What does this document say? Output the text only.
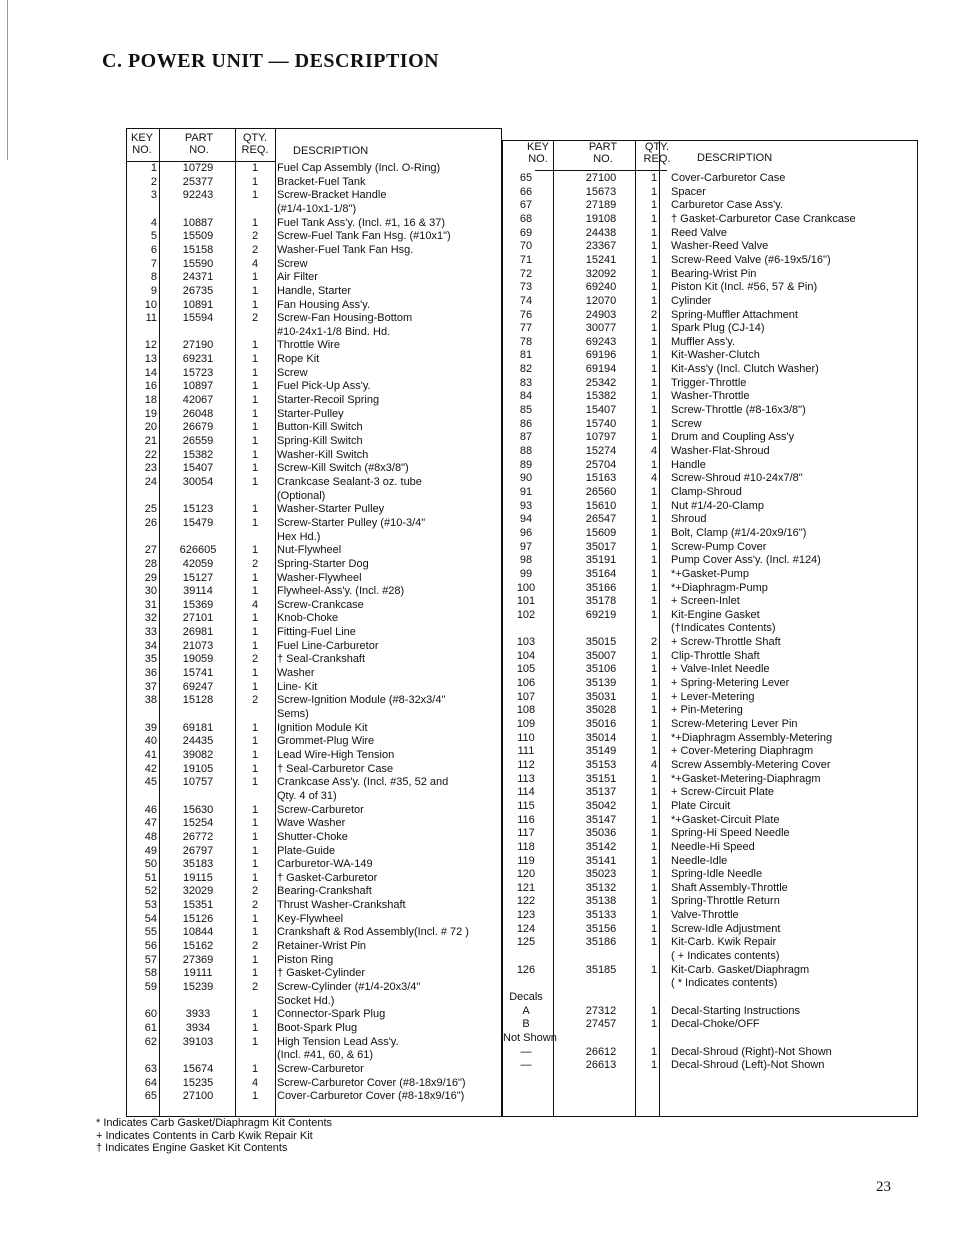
C. POWER UNIT — DESCRIPTION
KEY NO.
PART NO.
QTY. REQ.	DESCRIPTION
1	10729	1	Fuel Cap Assembly (Incl. O-Ring)
2	25377	1	Bracket-Fuel Tank
3	92243	1	Screw-Bracket Handle
(#1/4-10x1-1/8")
4	10887	1	Fuel Tank Ass'y. (Incl. #1, 16 & 37)
5	15509	2	Screw-Fuel Tank Fan Hsg. (#10x1")
6	15158	2	Washer-Fuel Tank Fan Hsg.
7	15590	4	Screw
8	24371	1	Air Filter
9	26735	1	Handle, Starter
10	10891	1	Fan Housing Ass'y.
11	15594	2	Screw-Fan Housing-Bottom
#10-24x1-1/8 Bind. Hd.
12	27190	1	Throttle Wire
13	69231	1	Rope Kit
14	15723	1	Screw
16	10897	1	Fuel Pick-Up Ass'y.
18	42067	1	Starter-Recoil Spring
19	26048	1	Starter-Pulley
20	26679	1	Button-Kill Switch
21	26559	1	Spring-Kill Switch
22	15382	1	Washer-Kill Switch
23	15407	1	Screw-Kill Switch (#8x3/8")
24	30054	1	Crankcase Sealant-3 oz. tube
(Optional)
25	15123	1	Washer-Starter Pulley
26	15479	1	Screw-Starter Pulley (#10-3/4"
Hex Hd.)
27	626605	1	Nut-Flywheel
28	42059	2	Spring-Starter Dog
29	15127	1	Washer-Flywheel
30	39114	1	Flywheel-Ass'y. (Incl. #28)
31	15369	4	Screw-Crankcase
32	27101	1	Knob-Choke
33	26981	1	Fitting-Fuel Line
34	21073	1	Fuel Line-Carburetor
35	19059	2	† Seal-Crankshaft
36	15741	1	Washer
37	69247	1	Line- Kit
38	15128	2	Screw-Ignition Module (#8-32x3/4"
Sems)
39	69181	1	Ignition Module Kit
40	24435	1	Grommet-Plug Wire
41	39082	1	Lead Wire-High Tension
42	19105	1	† Seal-Carburetor Case
45	10757	1	Crankcase Ass'y. (Incl. #35, 52 and
Qty. 4 of 31)
46	15630	1	Screw-Carburetor
47	15254	1	Wave Washer
48	26772	1	Shutter-Choke
49	26797	1	Plate-Guide
50	35183	1	Carburetor-WA-149
51	19115	1	† Gasket-Carburetor
52	32029	2	Bearing-Crankshaft
53	15351	2	Thrust Washer-Crankshaft
54	15126	1	Key-Flywheel
55	10844	1	Crankshaft & Rod Assembly(Incl. # 72 )
56	15162	2	Retainer-Wrist Pin
57	27369	1	Piston Ring
58	19111	1	† Gasket-Cylinder
59	15239	2	Screw-Cylinder (#1/4-20x3/4"
Socket Hd.)
60	3933	1	Connector-Spark Plug
61	3934	1	Boot-Spark Plug
62	39103	1	High Tension Lead Ass'y.
(Incl. #41, 60, & 61)
63	15674	1	Screw-Carburetor
64	15235	4	Screw-Carburetor Cover (#8-18x9/16")
65	27100	1	Cover-Carburetor Cover (#8-18x9/16")
KEY NO.
PART NO.
QTY. REQ.	DESCRIPTION
65	27100	1	Cover-Carburetor Case
66	15673	1	Spacer
67	27189	1	Carburetor Case Ass'y.
68	19108	1	† Gasket-Carburetor Case Crankcase
69	24438	1	Reed Valve
70	23367	1	Washer-Reed Valve
71	15241	1	Screw-Reed Valve (#6-19x5/16")
72	32092	1	Bearing-Wrist Pin
73	69240	1	Piston Kit (Incl. #56, 57 & Pin)
74	12070	1	Cylinder
76	24903	2	Spring-Muffler Attachment
77	30077	1	Spark Plug (CJ-14)
78	69243	1	Muffler Ass'y.
81	69196	1	Kit-Washer-Clutch
82	69194	1	Kit-Ass'y (Incl. Clutch Washer)
83	25342	1	Trigger-Throttle
84	15382	1	Washer-Throttle
85	15407	1	Screw-Throttle (#8-16x3/8")
86	15740	1	Screw
87	10797	1	Drum and Coupling Ass'y
88	15274	4	Washer-Flat-Shroud
89	25704	1	Handle
90	15163	4	Screw-Shroud #10-24x7/8"
91	26560	1	Clamp-Shroud
93	15610	1	Nut #1/4-20-Clamp
94	26547	1	Shroud
96	15609	1	Bolt, Clamp (#1/4-20x9/16")
97	35017	1	Screw-Pump Cover
98	35191	1	Pump Cover Ass'y. (Incl. #124)
99	35164	1	*+Gasket-Pump
100	35166	1	*+Diaphragm-Pump
101	35178	1	+ Screen-Inlet
102	69219	1	Kit-Engine Gasket
(†Indicates Contents)
103	35015	2	+ Screw-Throttle Shaft
104	35007	1	Clip-Throttle Shaft
105	35106	1	+ Valve-Inlet Needle
106	35139	1	+ Spring-Metering Lever
107	35031	1	+ Lever-Metering
108	35028	1	+ Pin-Metering
109	35016	1	Screw-Metering Lever Pin
110	35014	1	*+Diaphragm Assembly-Metering
111	35149	1	+ Cover-Metering Diaphragm
112	35153	4	Screw Assembly-Metering Cover
113	35151	1	*+Gasket-Metering-Diaphragm
114	35137	1	+ Screw-Circuit Plate
115	35042	1	Plate Circuit
116	35147	1	*+Gasket-Circuit Plate
117	35036	1	Spring-Hi Speed Needle
118	35142	1	Needle-Hi Speed
119	35141	1	Needle-Idle
120	35023	1	Spring-Idle Needle
121	35132	1	Shaft Assembly-Throttle
122	35138	1	Spring-Throttle Return
123	35133	1	Valve-Throttle
124	35156	1	Screw-Idle Adjustment
125	35186	1	Kit-Carb. Kwik Repair
( + Indicates contents)
126	35185	1	Kit-Carb. Gasket/Diaphragm
( * Indicates contents)
Decals
A	27312	1	Decal-Starting Instructions
B	27457	1	Decal-Choke/OFF
Not Shown
—	26612	1	Decal-Shroud (Right)-Not Shown
—	26613	1	Decal-Shroud (Left)-Not Shown
* Indicates Carb Gasket/Diaphragm Kit Contents
+ Indicates Contents in Carb Kwik Repair Kit
† Indicates Engine Gasket Kit Contents
23
